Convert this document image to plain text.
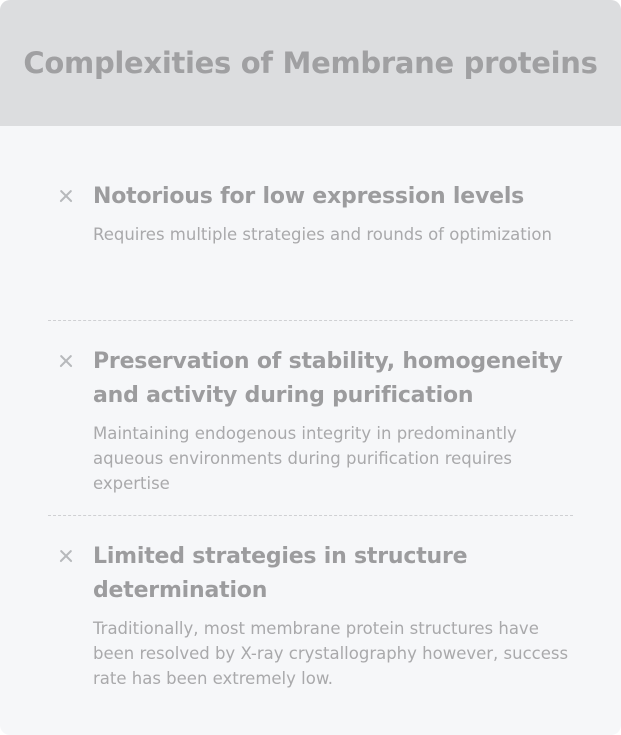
Complexities of Membrane proteins
Notorious for low expression levels

Requires multiple strategies and rounds of optimization

Preservation of stability, homogeneity and activity during purification

Maintaining endogenous integrity in predominantly aqueous environments during purification requires expertise

Limited strategies in structure determination

Traditionally, most membrane protein structures have been resolved by X-ray crystallography however, success rate has been extremely low.
